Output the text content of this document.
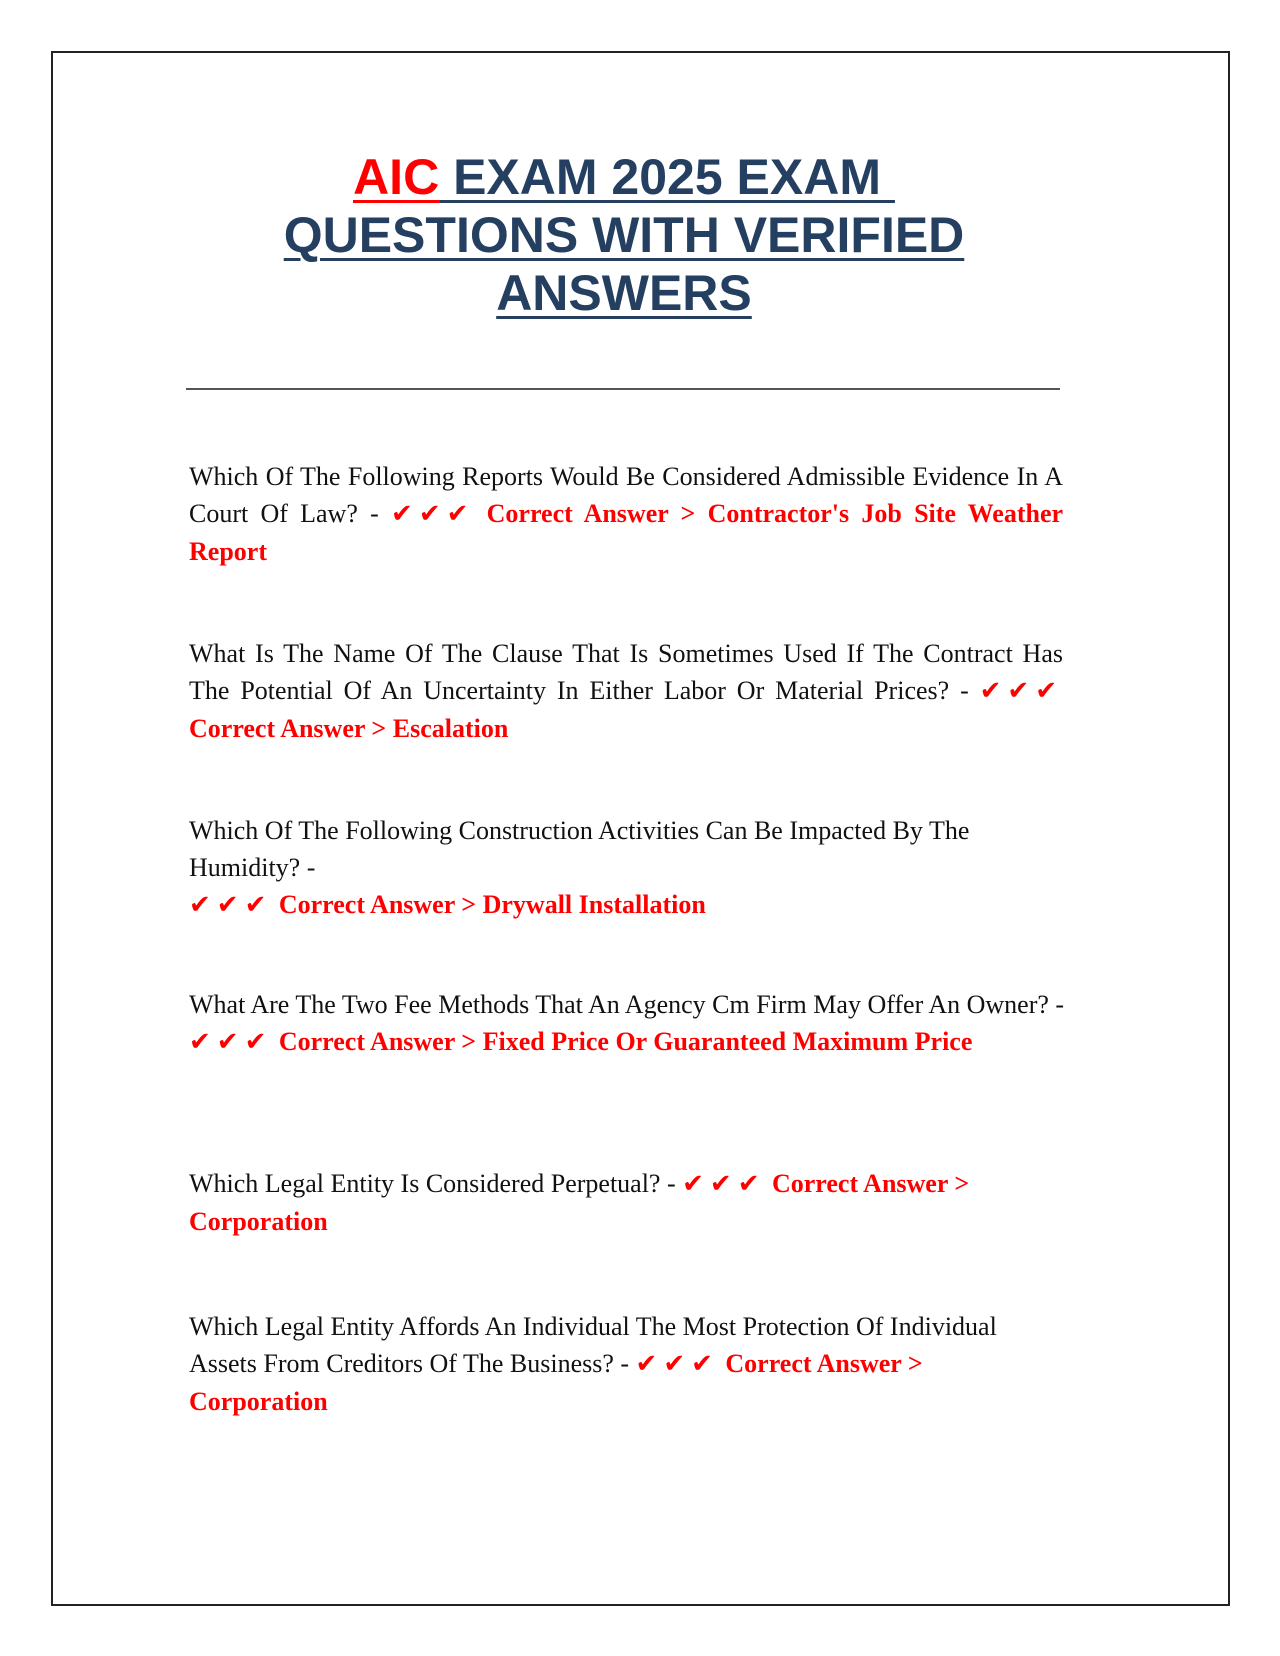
AIC EXAM 2025 EXAM
QUESTIONS WITH VERIFIED
ANSWERS
Which Of The Following Reports Would Be Considered Admissible Evidence In A Court Of Law? - ✔✔✔ Correct Answer > Contractor's Job Site Weather Report
What Is The Name Of The Clause That Is Sometimes Used If The Contract Has The Potential Of An Uncertainty In Either Labor Or Material Prices? - ✔✔✔ Correct Answer > Escalation
Which Of The Following Construction Activities Can Be Impacted By The Humidity? -
✔✔✔ Correct Answer > Drywall Installation
What Are The Two Fee Methods That An Agency Cm Firm May Offer An Owner? -
✔✔✔ Correct Answer > Fixed Price Or Guaranteed Maximum Price
Which Legal Entity Is Considered Perpetual? - ✔✔✔ Correct Answer > Corporation
Which Legal Entity Affords An Individual The Most Protection Of Individual Assets From Creditors Of The Business? - ✔✔✔ Correct Answer > Corporation
